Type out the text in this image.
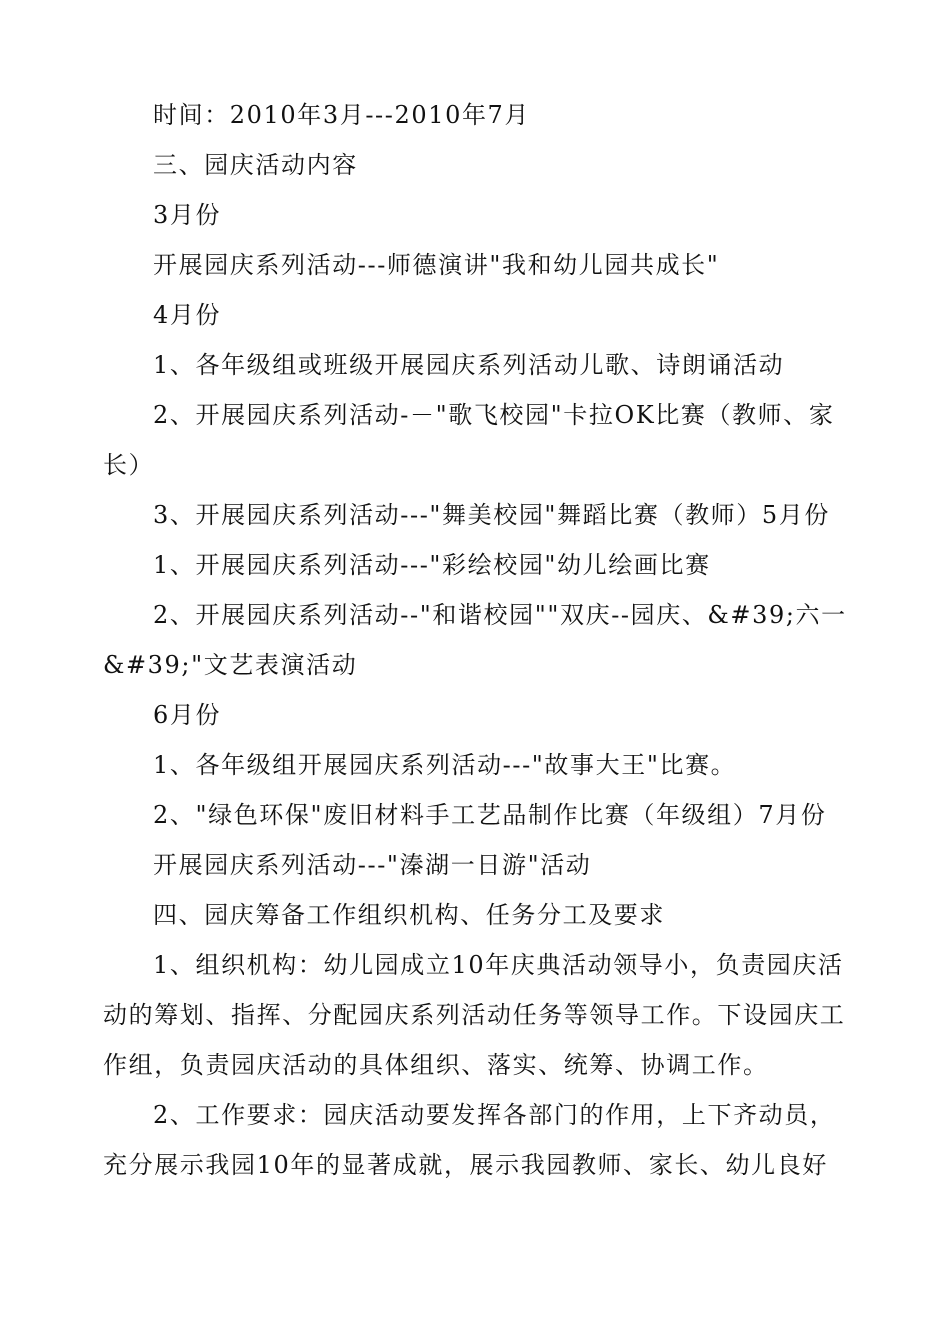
时间：2010年3月---2010年7月
三、园庆活动内容
3月份
开展园庆系列活动---师德演讲"我和幼儿园共成长"
4月份
1、各年级组或班级开展园庆系列活动儿歌、诗朗诵活动
2、开展园庆系列活动-－"歌飞校园"卡拉OK比赛（教师、家
长）
3、开展园庆系列活动---"舞美校园"舞蹈比赛（教师）5月份
1、开展园庆系列活动---"彩绘校园"幼儿绘画比赛
2、开展园庆系列活动--"和谐校园""双庆--园庆、&#39;六一
&#39;"文艺表演活动
6月份
1、各年级组开展园庆系列活动---"故事大王"比赛。
2、"绿色环保"废旧材料手工艺品制作比赛（年级组）7月份
开展园庆系列活动---"溱湖一日游"活动
四、园庆筹备工作组织机构、任务分工及要求
1、组织机构：幼儿园成立10年庆典活动领导小，负责园庆活
动的筹划、指挥、分配园庆系列活动任务等领导工作。下设园庆工
作组，负责园庆活动的具体组织、落实、统筹、协调工作。
2、工作要求：园庆活动要发挥各部门的作用，上下齐动员，
充分展示我园10年的显著成就，展示我园教师、家长、幼儿良好
